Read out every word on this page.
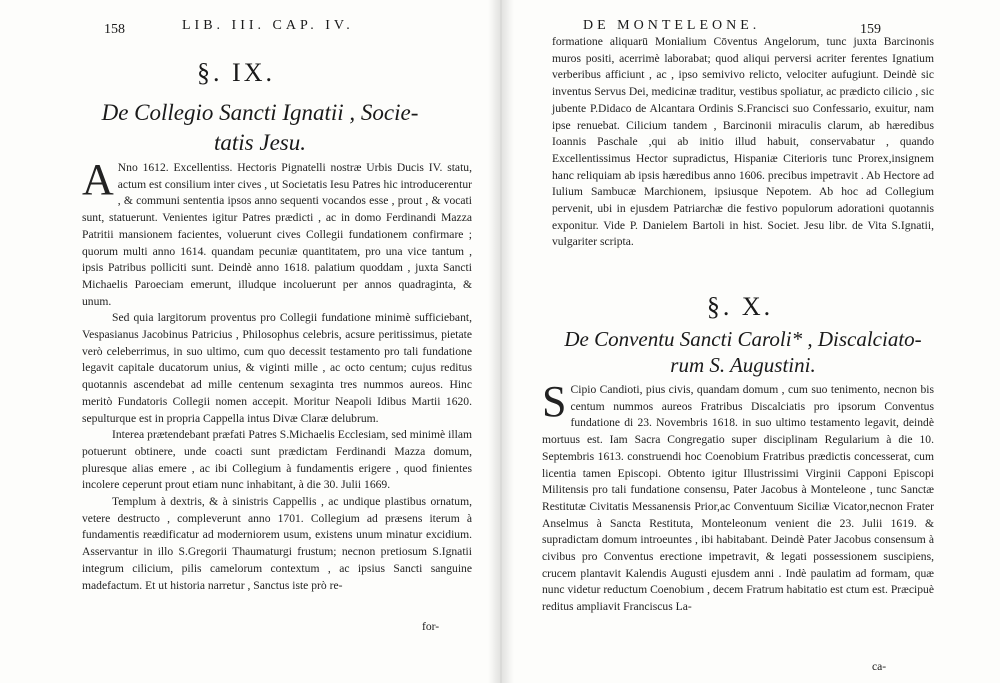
158	LIB. III. CAP. IV.
§. IX.
De Collegio Sancti Ignatii , Socie-
tatis Jesu.

A Nno 1612. Excellentiss. Hectoris Pignatelli nostræ Urbis Ducis IV. statu, actum est consilium inter cives , ut Societatis Iesu Patres hic introducerentur , & communi sententia ipsos anno sequenti vocandos esse , prout , & vocati sunt, statuerunt. Venientes igitur Patres prædicti , ac in domo Ferdinandi Mazza Patritii mansionem facientes, voluerunt cives Collegii fundationem confirmare ; quorum multi anno 1614. quandam pecuniæ quantitatem, pro una vice tantum , ipsis Patribus polliciti sunt. Deindè anno 1618. palatium quoddam , juxta Sancti Michaelis Paroeciam emerunt, illudque incoluerunt per annos quadraginta, & unum.

Sed quia largitorum proventus pro Collegii fundatione minimè sufficiebant, Vespasianus Jacobinus Patricius , Philosophus celebris, acsure peritissimus, pietate verò celeberrimus, in suo ultimo, cum quo decessit testamento pro tali fundatione legavit capitale ducatorum unius, & viginti mille , ac octo centum; cujus reditus quotannis ascendebat ad mille centenum sexaginta tres nummos aureos. Hinc meritò Fundatoris Collegii nomen accepit. Moritur Neapoli Idibus Martii 1620. sepulturque est in propria Cappella intus Divæ Claræ delubrum.

Interea prætendebant præfati Patres S.Michaelis Ecclesiam, sed minimè illam potuerunt obtinere, unde coacti sunt prædictam Ferdinandi Mazza domum, pluresque alias emere , ac ibi Collegium à fundamentis erigere , quod finientes incolere ceperunt prout etiam nunc inhabitant, à die 30. Julii 1669.

Templum à dextris, & à sinistris Cappellis , ac undique plastibus ornatum, vetere destructo , compleverunt anno 1701. Collegium ad præsens iterum à fundamentis reædificatur ad moderniorem usum, existens unum minatur excidium. Asservantur in illo S.Gregorii Thaumaturgi frustum; necnon pretiosum S.Ignatii integrum cilicium, pilis camelorum contextum , ac ipsius Sancti sanguine madefactum. Et ut historia narretur , Sanctus iste prò re-

for-
DE MONTELEONE.	159

formatione aliquarū Monialium Cōventus Angelorum, tunc juxta Barcinonis muros positi, acerrimè laborabat; quod aliqui perversi acriter ferentes Ignatium verberibus afficiunt , ac , ipso semivivo relicto, velociter aufugiunt. Deindè sic inventus Servus Dei, medicinæ traditur, vestibus spoliatur, ac prædicto cilicio , sic jubente P.Didaco de Alcantara Ordinis S.Francisci suo Confessario, exuitur, nam ipse renuebat. Cilicium tandem , Barcinonii miraculis clarum, ab hæredibus Ioannis Paschale ,qui ab initio illud habuit, conservabatur , quando Excellentissimus Hector supradictus, Hispaniæ Citerioris tunc Prorex,insignem hanc reliquiam ab ipsis hæredibus anno 1606. precibus impetravit . Ab Hectore ad Iulium Sambucæ Marchionem, ipsiusque Nepotem. Ab hoc ad Collegium pervenit, ubi in ejusdem Patriarchæ die festivo populorum adorationi quotannis exponitur. Vide P. Danielem Bartoli in hist. Societ. Jesu libr. de Vita S.Ignatii, vulgariter scripta.

§. X.
De Conventu Sancti Caroli* , Discalciato-
rum S. Augustini.

S Cipio Candioti, pius civis, quandam domum , cum suo tenimento, necnon bis centum nummos aureos Fratribus Discalciatis pro ipsorum Conventus fundatione di 23. Novembris 1618. in suo ultimo testamento legavit, deindè mortuus est. Iam Sacra Congregatio super disciplinam Regularium à die 10. Septembris 1613. construendi hoc Coenobium Fratribus prædictis concesserat, cum licentia tamen Episcopi. Obtento igitur Illustrissimi Virginii Capponi Episcopi Militensis pro tali fundatione consensu, Pater Jacobus à Monteleone , tunc Sanctæ Restitutæ Civitatis Messanensis Prior,ac Conventuum Siciliæ Vicator,necnon Frater Anselmus à Sancta Restituta, Monteleonum venient die 23. Julii 1619. & supradictam domum introeuntes , ibi habitabant. Deindè Pater Jacobus consensum à civibus pro Conventus erectione impetravit, & legati possessionem suscipiens, crucem plantavit Kalendis Augusti ejusdem anni . Indè paulatim ad formam, quæ nunc videtur reductum Coenobium , decem Fratrum habitatio est ctum est. Præcipuè reditus ampliavit Franciscus La-

ca-
